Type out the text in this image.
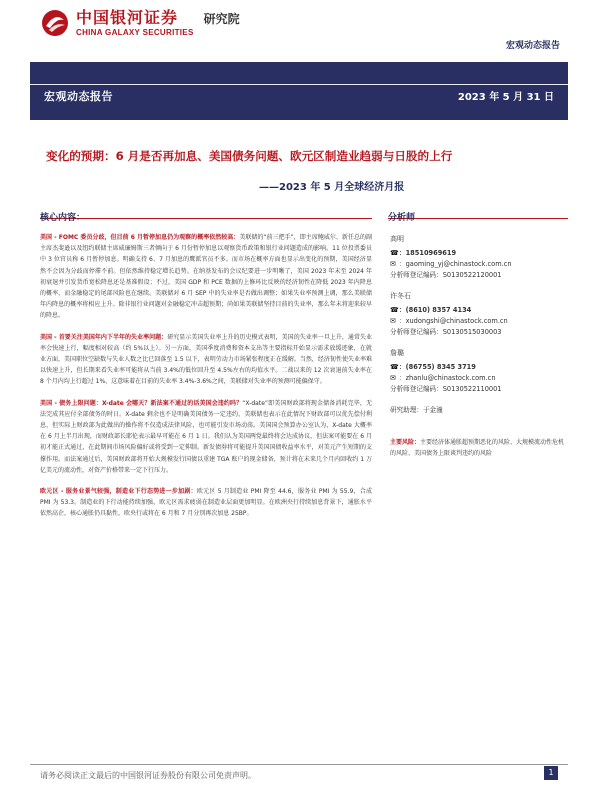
中国银河证券
CHINA GALAXY SECURITIES
研究院
宏观动态报告
宏观动态报告	2023 年 5 月 31 日
变化的预期：6 月是否再加息、美国债务问题、欧元区制造业趋弱与日股的上行
——2023 年 5 月全球经济月报
核心内容：	分析师

美国 - FOMC 委员分歧，但目前 6 月暂停加息仍为观察的概率依然较高：美联储的“前三把手”，即主席鲍威尔、新任总的副主席杰斐逊以及纽约联储主席威廉姆斯三者倾向于 6 月份暂停加息以观察货币政策和银行业问题造成的影响。11 位投票委员中 3 位官员称 6 月暂停加息。明确支持 6、7 月加息的鹰派官员不多。而市场在概率方面也显示出变化的预期，美国经济显然不会因为分歧而停滞不前。但依然维持稳定增长趋势。在纳基发布的会议纪要进一步明晰了，美国 2023 年末至 2024 年初衰退并引发货币宽松降息还是基准假设；不过，美国 GDP 和 PCE 数据的上修环比反映的经济韧性在降低 2023 年内降息的概率，而金融稳定的尾部风险也在继续。美联储对 6 月 SEP 中的失业率是否做出调整；如果失业率预测上调，那么美联储年内降息的概率将相应上升。除非银行业问题对金融稳定冲击超预期；尚如果美联储坚持目前的失业率，那么年末将迎来较早的降息。

美国 - 首要关注美国年内下半年的失业率问题：研究显示美国失业率上升的历史模式表明，美国的失业率一旦上升，通常失业率会快速上行，幅度相对较高（约 5%以上）。另一方面，美国季度消费和资本支出等主要指标开始显示需求放缓迹象，在就业方面，美国职位空缺数与失业人数之比已回落至 1.5 以下，表明劳动力市场紧张程度正在缓解。当然，经济韧性使失业率难以快速上升，但长期来看失业率可能将从当前 3.4%的低位回升至 4.5%左右的均值水平。二战以来的 12 次衰退前失业率在 8 个月内均上行超过 1%，这意味着在目前的失业率 3.4%-3.6%之间，美联储对失业率的预测可能偏保守。

美国 - 债务上限问题：X-date 会哪天？新法案不通过的话美国会违约吗？“X-date”即美国财政部将现金储备消耗完毕，无法完成其应付全部债务的时日。X-date 剩余也不是明确美国债务一定违约，美联储也表示在此情况下财政部可以优先偿付利息，但实际上财政部为此做出的操作将不仅造成法律风险，也可能引发市场动荡。美国国会预算办公室认为，X-date 大概率在 6 月上半月出现，而财政部长耶伦表示最早可能在 6 月 1 日。我们认为美国两党最终将会达成协议，但法案可能要在 6 月初才能正式通过，在此期间市场风险偏好或将受到一定抑制。新发债券将可能提升美国国债收益率水平，对美元产生短期的支撑作用。而法案通过后，美国财政部将开始大规模发行国债以重建 TGA 账户的现金储备，预计将在未来几个月内回收约 1 万亿美元的流动性，对资产价格带来一定下行压力。

欧元区 - 服务业景气较强，制造业下行态势进一步加剧：欧元区 5 月制造业 PMI 降至 44.6，服务业 PMI 为 55.9，合成 PMI 为 53.3。制造业的下行动能持续加强，欧元区需求疲弱在制造业层面更加明显。在欧洲央行持续加息背景下，通胀水平依然高企，核心通胀仍具黏性，欧央行或将在 6 月和 7 月分别再次加息 25BP。

高明
☎ ： 18510969619
✉ ： gaoming_yj@chinastock.com.cn
分析师登记编码：S0130522120001
许冬石
☎ ： (8610) 8357 4134
✉ ： xudongshi@chinastock.com.cn
分析师登记编码：S0130515030003
詹璐
☎ ： (86755) 8345 3719
✉ ： zhanlu@chinastock.com.cn
分析师登记编码：S0130522110001
研究助理：于金潼
主要风险：主要经济体通胀超预期恶化的风险、大规模流动性危机的风险、美国债务上限谈判违约的风险
请务必阅读正文最后的中国银河证券股份有限公司免责声明。	1
